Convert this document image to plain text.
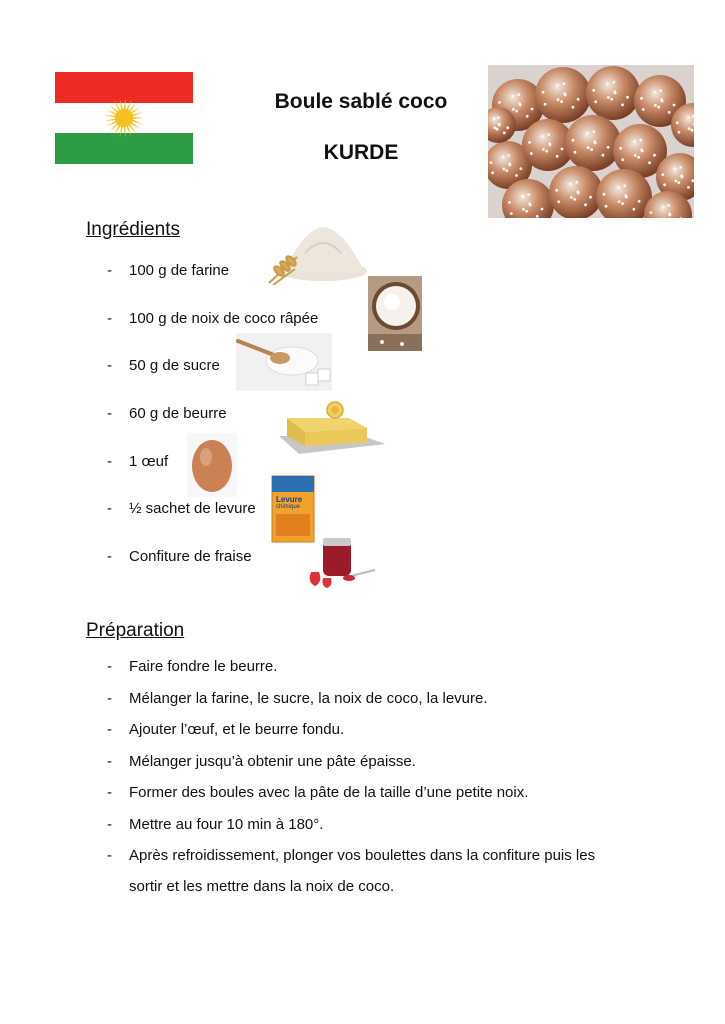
Boule sablé coco
KURDE
Ingrédients
- 100 g de farine
- 100 g de noix de coco râpée
- 50 g de sucre
- 60 g de beurre
- 1 œuf
- ½ sachet de levure
- Confiture de fraise
Levure
chimique
Préparation
- Faire fondre le beurre.
- Mélanger la farine, le sucre, la noix de coco, la levure.
- Ajouter l’œuf, et le beurre fondu.
- Mélanger jusqu’à obtenir une pâte épaisse.
- Former des boules avec la pâte de la taille d’une petite noix.
- Mettre au four 10 min à 180°.
- Après refroidissement, plonger vos boulettes dans la confiture puis les
sortir et les mettre dans la noix de coco.
